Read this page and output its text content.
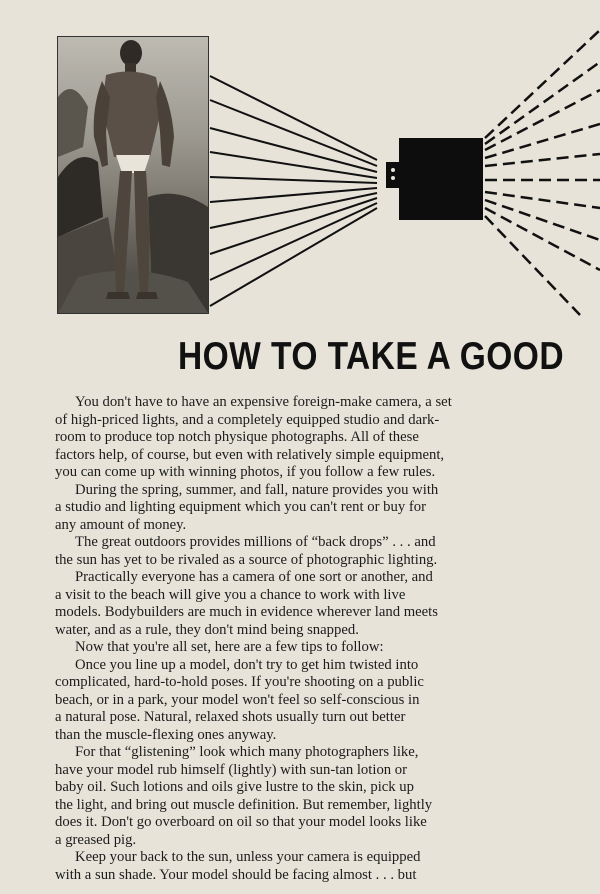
HOW TO TAKE A GOOD
You don't have to have an expensive foreign-make camera, a set
of high-priced lights, and a completely equipped studio and dark-
room to produce top notch physique photographs. All of these
factors help, of course, but even with relatively simple equipment,
you can come up with winning photos, if you follow a few rules.
During the spring, summer, and fall, nature provides you with
a studio and lighting equipment which you can't rent or buy for
any amount of money.
The great outdoors provides millions of “back drops” . . . and
the sun has yet to be rivaled as a source of photographic lighting.
Practically everyone has a camera of one sort or another, and
a visit to the beach will give you a chance to work with live
models. Bodybuilders are much in evidence wherever land meets
water, and as a rule, they don't mind being snapped.
Now that you're all set, here are a few tips to follow:
Once you line up a model, don't try to get him twisted into
complicated, hard-to-hold poses. If you're shooting on a public
beach, or in a park, your model won't feel so self-conscious in
a natural pose. Natural, relaxed shots usually turn out better
than the muscle-flexing ones anyway.
For that “glistening” look which many photographers like,
have your model rub himself (lightly) with sun-tan lotion or
baby oil. Such lotions and oils give lustre to the skin, pick up
the light, and bring out muscle definition. But remember, lightly
does it. Don't go overboard on oil so that your model looks like
a greased pig.
Keep your back to the sun, unless your camera is equipped
with a sun shade. Your model should be facing almost . . . but
